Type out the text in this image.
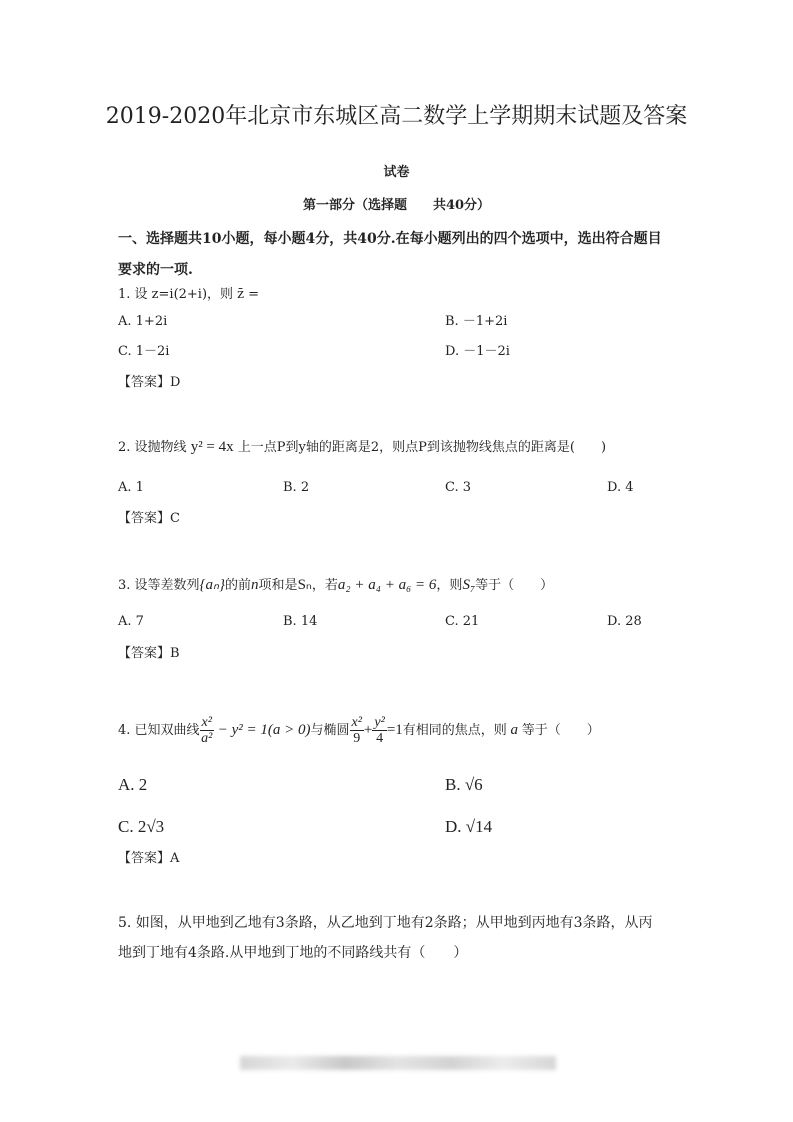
2019-2020年北京市东城区高二数学上学期期末试题及答案
试卷
第一部分（选择题　　共40分）
一、选择题共10小题，每小题4分，共40分.在每小题列出的四个选项中，选出符合题目
要求的一项.
1. 设 z=i(2+i)，则 z̄ =
A. 1+2i	B. －1+2i
C. 1－2i	D. －1－2i
【答案】D
2. 设抛物线 y² = 4x 上一点P到y轴的距离是2，则点P到该抛物线焦点的距离是(　　)
A. 1	B. 2	C. 3	D. 4
【答案】C
3. 设等差数列{aₙ}的前n项和是Sₙ，若a₂ + a₄ + a₆ = 6，则S₇等于（　　）
A. 7	B. 14	C. 21	D. 28
【答案】B
4. 已知双曲线 $\frac{\text{x²}}{\text{a²}} - y^2 = 1(a > 0)$与椭圆 $\frac{\text{x²}}{9} + \frac{\text{y²}}{4} =1$有相同的焦点，则 a 等于（　　）
A. 2	B. √6
C. 2√3	D. √14
【答案】A
5. 如图，从甲地到乙地有3条路，从乙地到丁地有2条路；从甲地到丙地有3条路，从丙
地到丁地有4条路.从甲地到丁地的不同路线共有（　　）
